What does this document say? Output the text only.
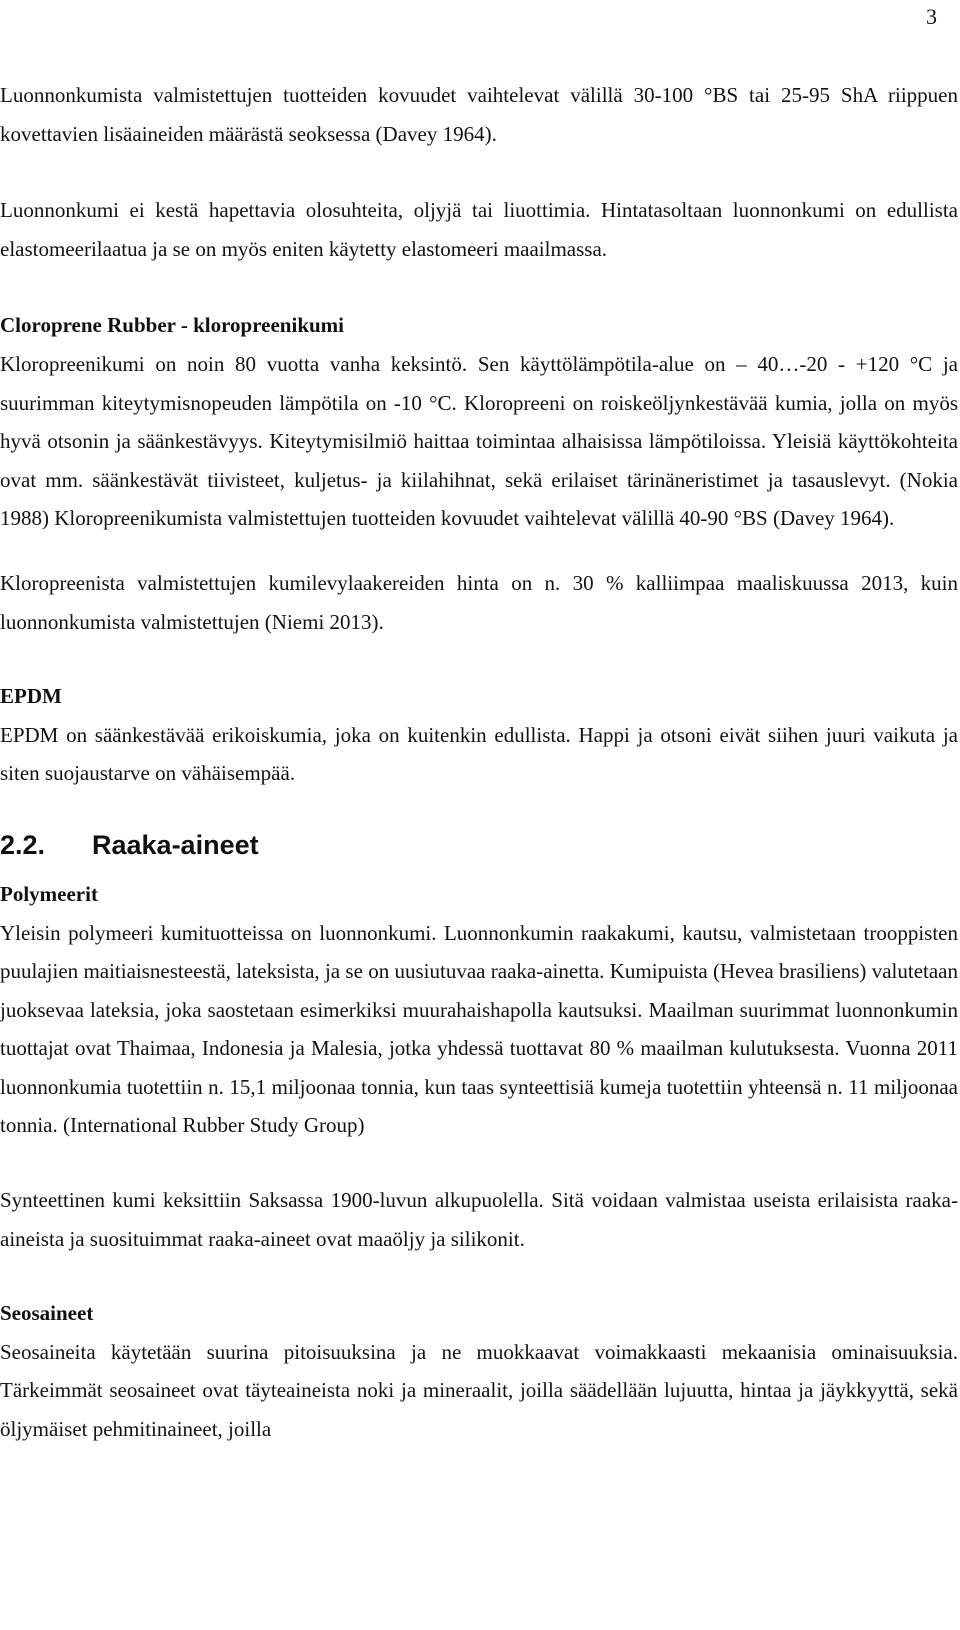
3

Luonnonkumista valmistettujen tuotteiden kovuudet vaihtelevat välillä 30-100 °BS tai 25-95 ShA riippuen kovettavien lisäaineiden määrästä seoksessa (Davey 1964).

Luonnonkumi ei kestä hapettavia olosuhteita, oljyjä tai liuottimia. Hintatasoltaan luonnonkumi on edullista elastomeerilaatua ja se on myös eniten käytetty elastomeeri maailmassa.

Cloroprene Rubber - kloropreenikumi

Kloropreenikumi on noin 80 vuotta vanha keksintö. Sen käyttölämpötila-alue on – 40…-20 - +120 °C ja suurimman kiteytymisnopeuden lämpötila on -10 °C. Kloropreeni on roiskeöljynkestävää kumia, jolla on myös hyvä otsonin ja säänkestävyys. Kiteytymisilmiö haittaa toimintaa alhaisissa lämpötiloissa. Yleisiä käyttökohteita ovat mm. säänkestävät tiivisteet, kuljetus- ja kiilahihnat, sekä erilaiset tärinäneristimet ja tasauslevyt. (Nokia 1988) Kloropreenikumista valmistettujen tuotteiden kovuudet vaihtelevat välillä 40-90 °BS (Davey 1964).

Kloropreenista valmistettujen kumilevylaakereiden hinta on n. 30 % kalliimpaa maaliskuussa 2013, kuin luonnonkumista valmistettujen (Niemi 2013).

EPDM

EPDM on säänkestävää erikoiskumia, joka on kuitenkin edullista. Happi ja otsoni eivät siihen juuri vaikuta ja siten suojaustarve on vähäisempää.

2.2.	Raaka-aineet
Polymeerit

Yleisin polymeeri kumituotteissa on luonnonkumi. Luonnonkumin raakakumi, kautsu, valmistetaan trooppisten puulajien maitiaisnesteestä, lateksista, ja se on uusiutuvaa raaka-ainetta. Kumipuista (Hevea brasiliens) valutetaan juoksevaa lateksia, joka saostetaan esimerkiksi muurahaishapolla kautsuksi. Maailman suurimmat luonnonkumin tuottajat ovat Thaimaa, Indonesia ja Malesia, jotka yhdessä tuottavat 80 % maailman kulutuksesta. Vuonna 2011 luonnonkumia tuotettiin n. 15,1 miljoonaa tonnia, kun taas synteettisiä kumeja tuotettiin yhteensä n. 11 miljoonaa tonnia. (International Rubber Study Group)

Synteettinen kumi keksittiin Saksassa 1900-luvun alkupuolella. Sitä voidaan valmistaa useista erilaisista raaka-aineista ja suosituimmat raaka-aineet ovat maaöljy ja silikonit.

Seosaineet

Seosaineita käytetään suurina pitoisuuksina ja ne muokkaavat voimakkaasti mekaanisia ominaisuuksia. Tärkeimmät seosaineet ovat täyteaineista noki ja mineraalit, joilla säädellään lujuutta, hintaa ja jäykkyyttä, sekä öljymäiset pehmitinaineet, joilla
